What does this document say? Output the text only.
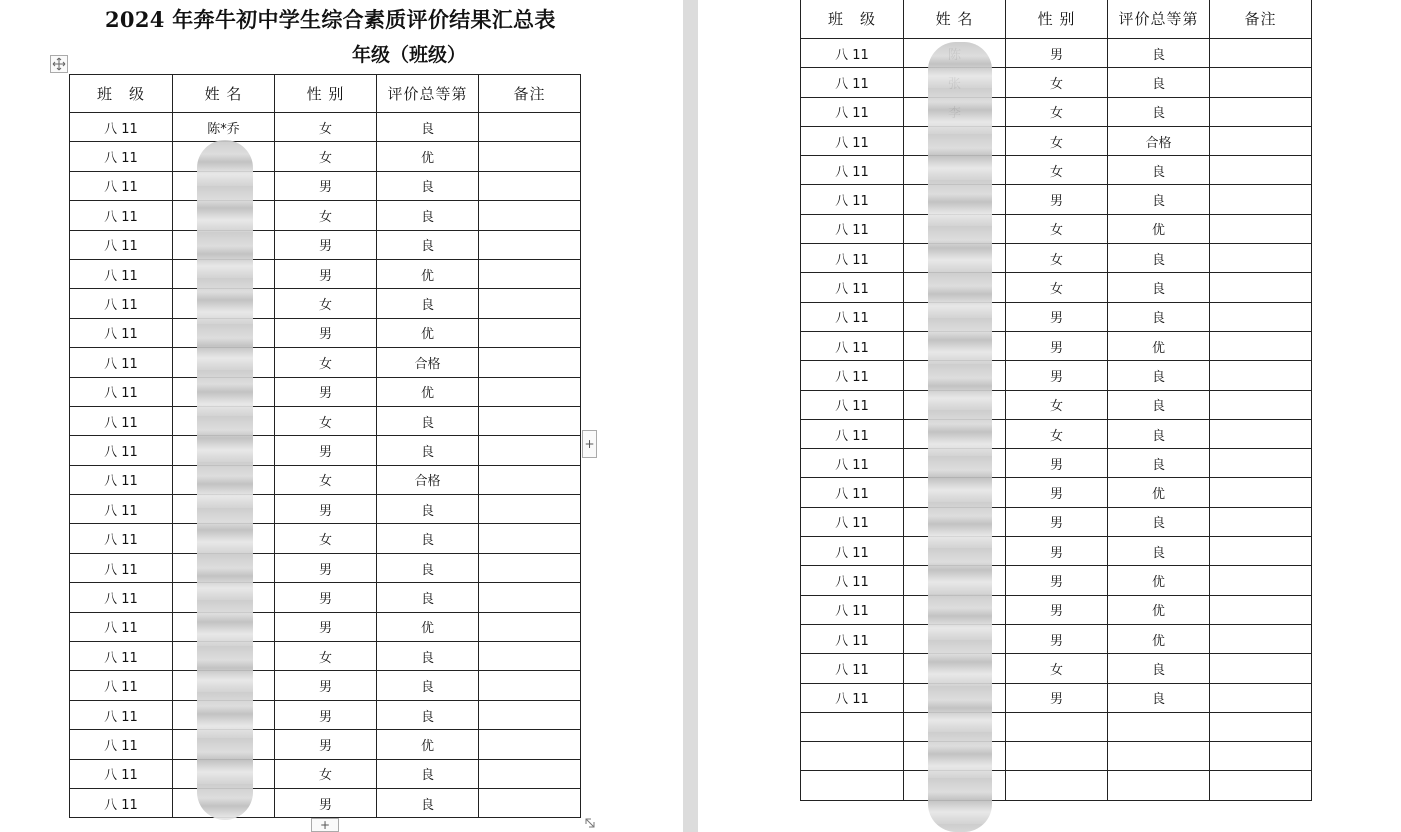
2024 年奔牛初中学生综合素质评价结果汇总表
年级（班级）
班　级	姓 名	性 别	评价总等第	备注
八 11	陈*乔	女	良	
八 11		女	优	
八 11		男	良	
八 11		女	良	
八 11		男	良	
八 11		男	优	
八 11		女	良	
八 11		男	优	
八 11		女	合格	
八 11		男	优	
八 11		女	良	
八 11		男	良	
八 11		女	合格	
八 11		男	良	
八 11		女	良	
八 11		男	良	
八 11		男	良	
八 11		男	优	
八 11		女	良	
八 11		男	良	
八 11		男	良	
八 11		男	优	
八 11		女	良	
八 11		男	良	
班　级	姓 名	性 别	评价总等第	备注
八 11		男	良	
八 11		女	良	
八 11		女	良	
八 11		女	合格	
八 11		女	良	
八 11		男	良	
八 11		女	优	
八 11		女	良	
八 11		女	良	
八 11		男	良	
八 11		男	优	
八 11		男	良	
八 11		女	良	
八 11		女	良	
八 11		男	良	
八 11		男	优	
八 11		男	良	
八 11		男	良	
八 11		男	优	
八 11		男	优	
八 11		男	优	
八 11		女	良	
八 11		男	良	

+
+
